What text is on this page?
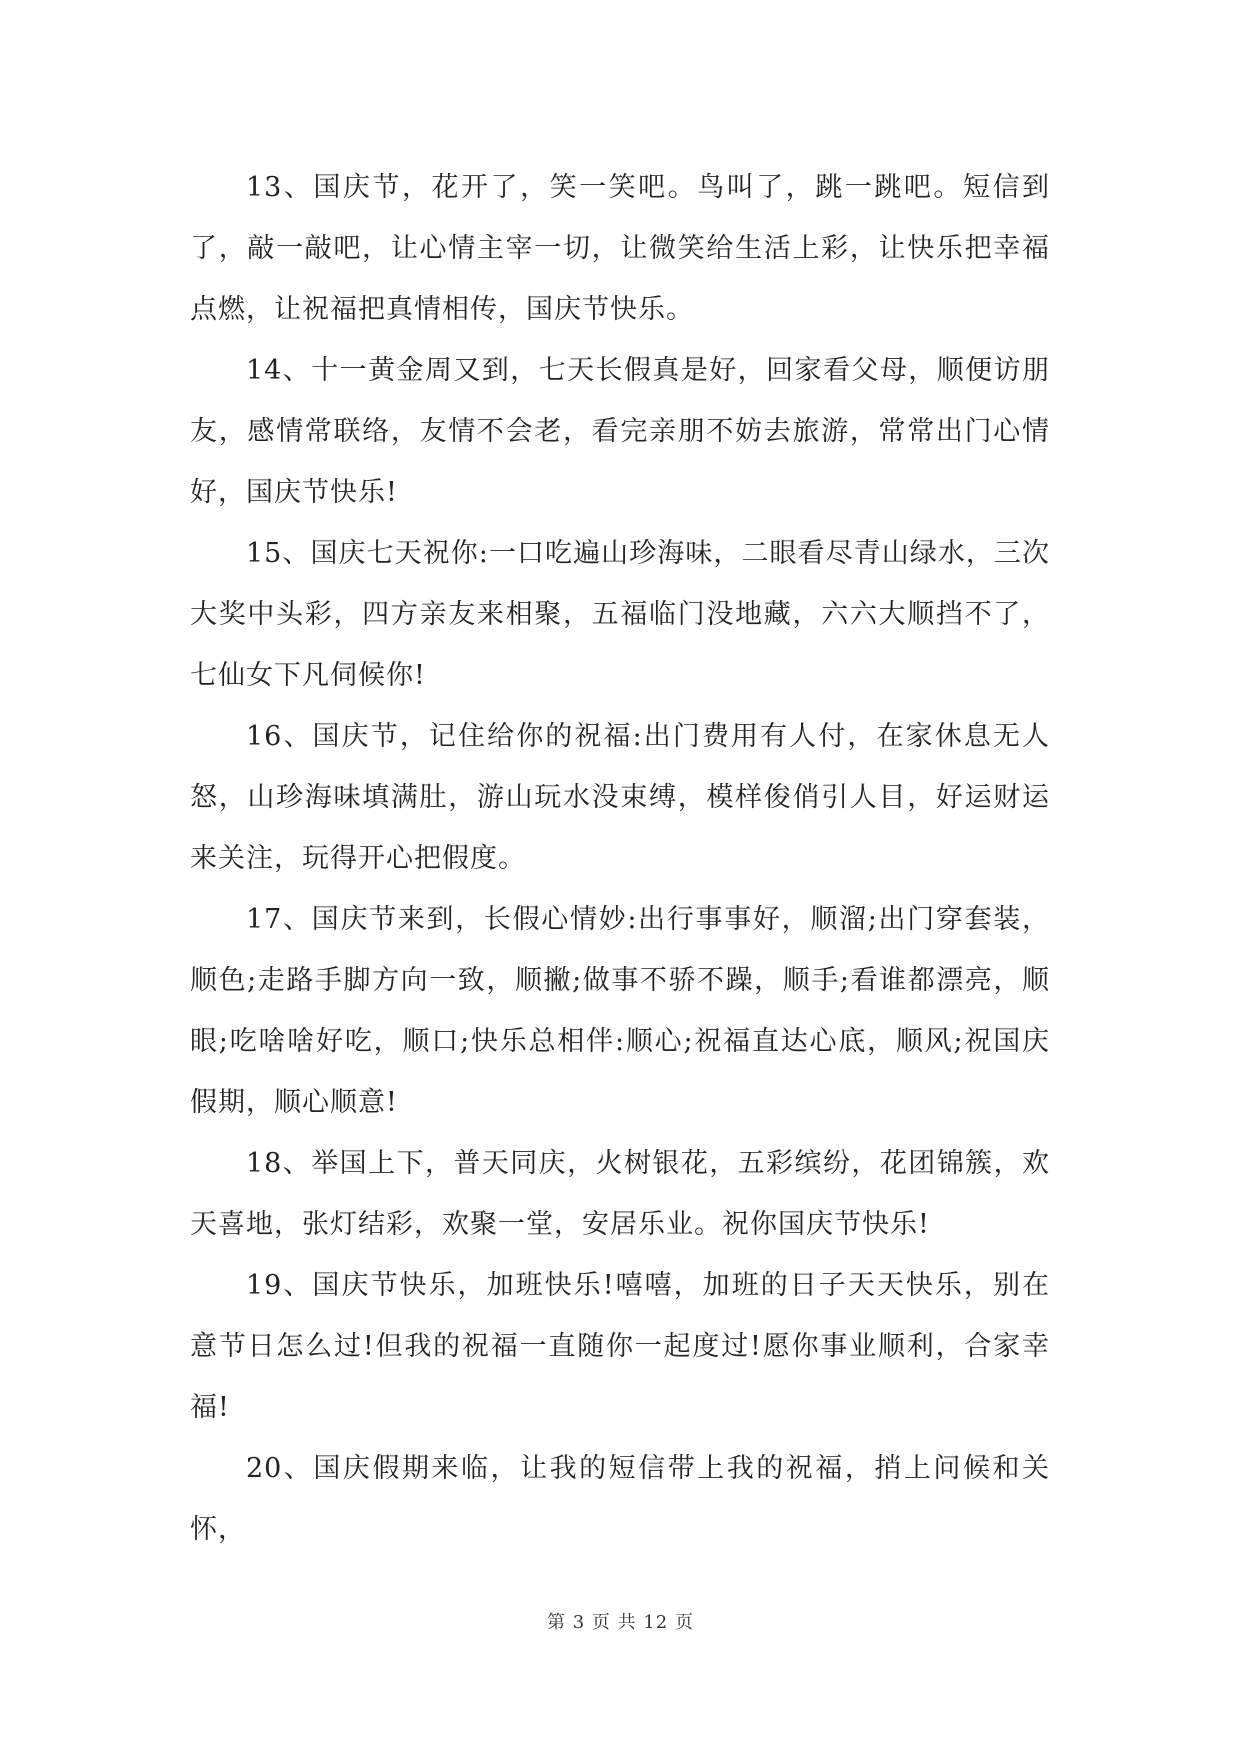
13、国庆节，花开了，笑一笑吧。鸟叫了，跳一跳吧。短信到了，敲一敲吧，让心情主宰一切，让微笑给生活上彩，让快乐把幸福点燃，让祝福把真情相传，国庆节快乐。

14、十一黄金周又到，七天长假真是好，回家看父母，顺便访朋友，感情常联络，友情不会老，看完亲朋不妨去旅游，常常出门心情好，国庆节快乐!

15、国庆七天祝你:一口吃遍山珍海味，二眼看尽青山绿水，三次大奖中头彩，四方亲友来相聚，五福临门没地藏，六六大顺挡不了，七仙女下凡伺候你!

16、国庆节，记住给你的祝福:出门费用有人付，在家休息无人怒，山珍海味填满肚，游山玩水没束缚，模样俊俏引人目，好运财运来关注，玩得开心把假度。

17、国庆节来到，长假心情妙:出行事事好，顺溜;出门穿套装，顺色;走路手脚方向一致，顺撇;做事不骄不躁，顺手;看谁都漂亮，顺眼;吃啥啥好吃，顺口;快乐总相伴:顺心;祝福直达心底，顺风;祝国庆假期，顺心顺意!

18、举国上下，普天同庆，火树银花，五彩缤纷，花团锦簇，欢天喜地，张灯结彩，欢聚一堂，安居乐业。祝你国庆节快乐!

19、国庆节快乐，加班快乐!嘻嘻，加班的日子天天快乐，别在意节日怎么过!但我的祝福一直随你一起度过!愿你事业顺利，合家幸福!

20、国庆假期来临，让我的短信带上我的祝福，捎上问候和关怀，

第 3 页 共 12 页
